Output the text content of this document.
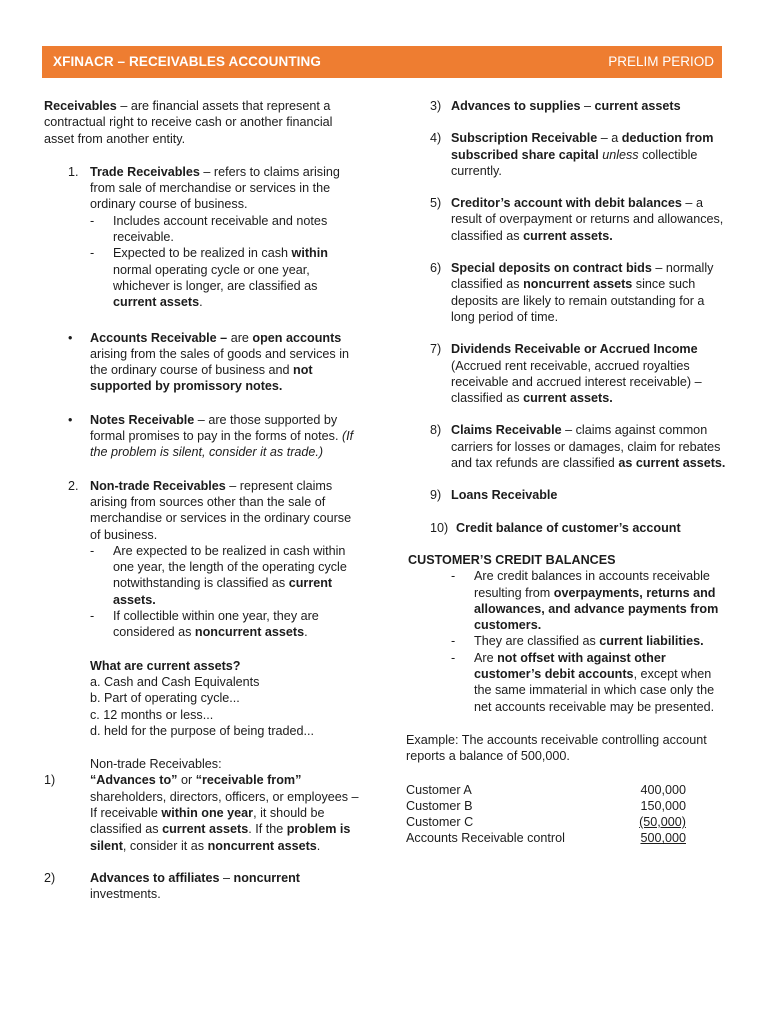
XFINACR – RECEIVABLES ACCOUNTING	PRELIM PERIOD

Receivables – are financial assets that represent a contractual right to receive cash or another financial asset from another entity.

1. Trade Receivables – refers to claims arising from sale of merchandise or services in the ordinary course of business.

- Includes account receivable and notes receivable.
- Expected to be realized in cash within normal operating cycle or one year, whichever is longer, are classified as current assets.
• Accounts Receivable – are open accounts arising from the sales of goods and services in the ordinary course of business and not supported by promissory notes.

• Notes Receivable – are those supported by formal promises to pay in the forms of notes. (If the problem is silent, consider it as trade.)

2. Non-trade Receivables – represent claims arising from sources other than the sale of merchandise or services in the ordinary course of business.

- Are expected to be realized in cash within one year, the length of the operating cycle notwithstanding is classified as current assets.
- If collectible within one year, they are considered as noncurrent assets.

What are current assets?

a. Cash and Cash Equivalents

b. Part of operating cycle...

c. 12 months or less...

d. held for the purpose of being traded...

Non-trade Receivables:

1)	“Advances to” or “receivable from” shareholders, directors, officers, or employees – If receivable within one year, it should be classified as current assets. If the problem is silent, consider it as noncurrent assets.

2)	Advances to affiliates – noncurrent investments.

3) Advances to supplies – current assets

4) Subscription Receivable – a deduction from subscribed share capital unless collectible currently.

5) Creditor’s account with debit balances – a result of overpayment or returns and allowances, classified as current assets.

6) Special deposits on contract bids – normally classified as noncurrent assets since such deposits are likely to remain outstanding for a long period of time.

7) Dividends Receivable or Accrued Income (Accrued rent receivable, accrued royalties receivable and accrued interest receivable) – classified as current assets.

8) Claims Receivable – claims against common carriers for losses or damages, claim for rebates and tax refunds are classified as current assets.

9) Loans Receivable

10) Credit balance of customer’s account

CUSTOMER’S CREDIT BALANCES

- Are credit balances in accounts receivable resulting from overpayments, returns and allowances, and advance payments from customers.
- They are classified as current liabilities.
- Are not offset with against other customer’s debit accounts, except when the same immaterial in which case only the net accounts receivable may be presented.

Example: The accounts receivable controlling account reports a balance of 500,000.

Customer A	400,000
Customer B	150,000
Customer C	(50,000)
Accounts Receivable control	500,000
